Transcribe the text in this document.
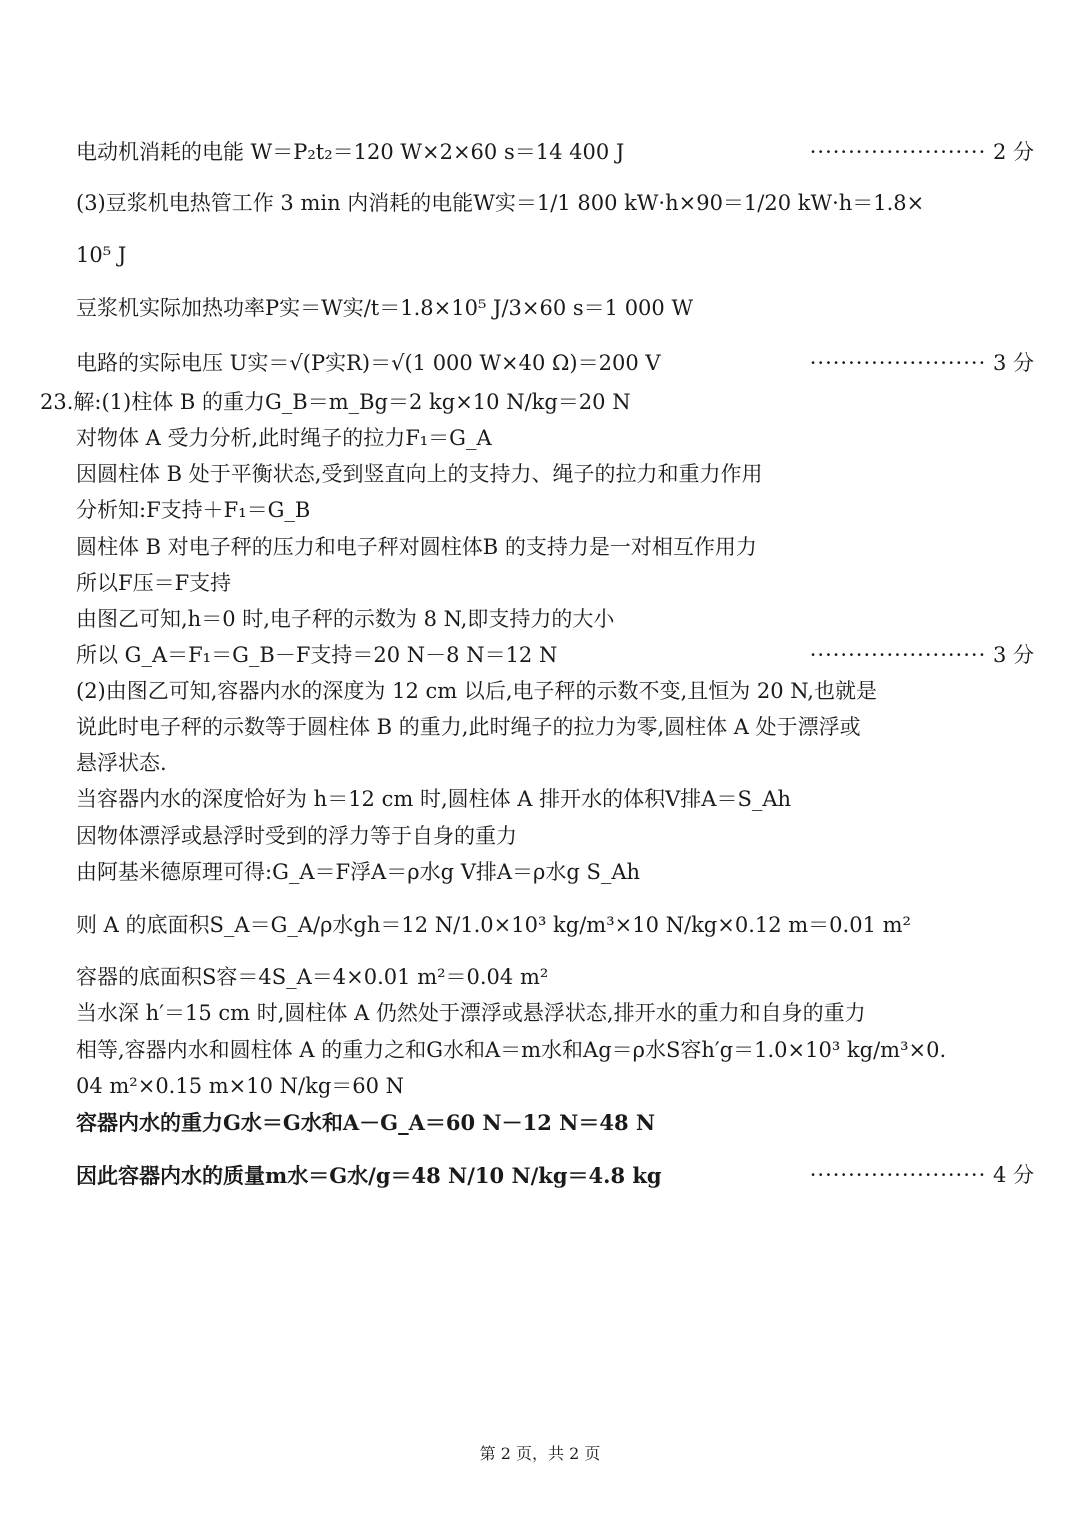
电动机消耗的电能 W＝P₂t₂＝120 W×2×60 s＝14 400 J	······················· 2 分
(3)豆浆机电热管工作 3 min 内消耗的电能W实＝1/1 800 kW·h×90＝1/20 kW·h＝1.8×
10⁵ J
豆浆机实际加热功率P实＝W实/t＝1.8×10⁵ J/3×60 s＝1 000 W
电路的实际电压 U实＝√(P实R)＝√(1 000 W×40 Ω)＝200 V	······················· 3 分
23.解:(1)柱体 B 的重力G_B＝m_Bg＝2 kg×10 N/kg＝20 N
对物体 A 受力分析,此时绳子的拉力F₁＝G_A
因圆柱体 B 处于平衡状态,受到竖直向上的支持力、绳子的拉力和重力作用
分析知:F支持＋F₁＝G_B
圆柱体 B 对电子秤的压力和电子秤对圆柱体B 的支持力是一对相互作用力
所以F压＝F支持
由图乙可知,h＝0 时,电子秤的示数为 8 N,即支持力的大小
所以 G_A＝F₁＝G_B－F支持＝20 N－8 N＝12 N	······················· 3 分
(2)由图乙可知,容器内水的深度为 12 cm 以后,电子秤的示数不变,且恒为 20 N,也就是
说此时电子秤的示数等于圆柱体 B 的重力,此时绳子的拉力为零,圆柱体 A 处于漂浮或
悬浮状态.
当容器内水的深度恰好为 h＝12 cm 时,圆柱体 A 排开水的体积V排A＝S_Ah
因物体漂浮或悬浮时受到的浮力等于自身的重力
由阿基米德原理可得:G_A＝F浮A＝ρ水g V排A＝ρ水g S_Ah
则 A 的底面积S_A＝G_A/ρ水gh＝12 N/1.0×10³ kg/m³×10 N/kg×0.12 m＝0.01 m²
容器的底面积S容＝4S_A＝4×0.01 m²＝0.04 m²
当水深 h′＝15 cm 时,圆柱体 A 仍然处于漂浮或悬浮状态,排开水的重力和自身的重力
相等,容器内水和圆柱体 A 的重力之和G水和A＝m水和Ag＝ρ水S容h′g＝1.0×10³ kg/m³×0.
04 m²×0.15 m×10 N/kg＝60 N
容器内水的重力G水＝G水和A－G_A＝60 N－12 N＝48 N
因此容器内水的质量m水＝G水/g＝48 N/10 N/kg＝4.8 kg	······················· 4 分
第 2 页，共 2 页
